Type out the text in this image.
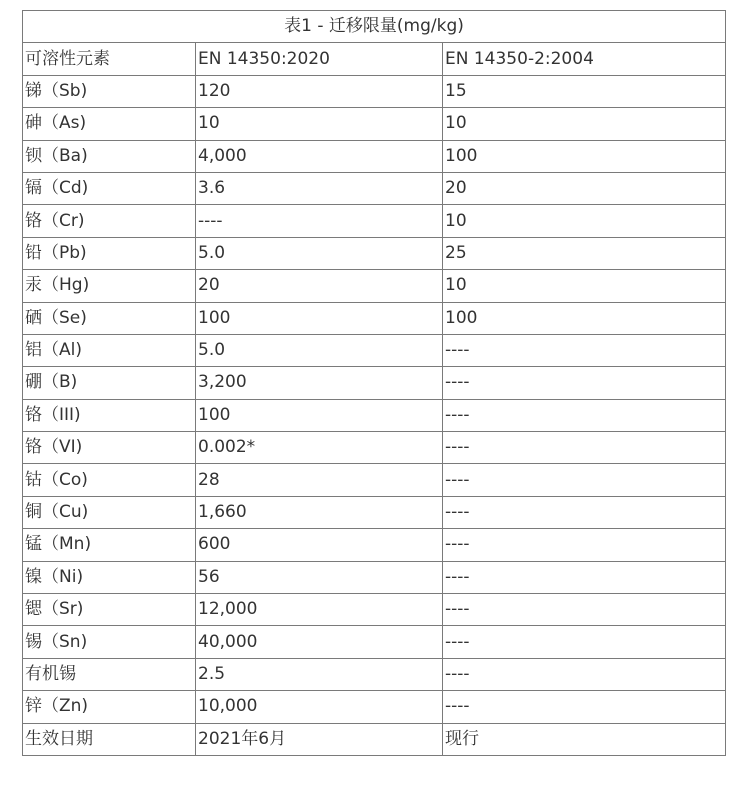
表1 - 迁移限量(mg/kg)		
可溶性元素	EN 14350:2020	EN 14350-2:2004
锑（Sb)	120	15
砷（As)	10	10
钡（Ba)	4,000	100
镉（Cd)	3.6	20
铬（Cr)	----	10
铅（Pb)	5.0	25
汞（Hg)	20	10
硒（Se)	100	100
铝（Al)	5.0	----
硼（B)	3,200	----
铬（III)	100	----
铬（VI)	0.002*	----
钴（Co)	28	----
铜（Cu)	1,660	----
锰（Mn)	600	----
镍（Ni)	56	----
锶（Sr)	12,000	----
锡（Sn)	40,000	----
有机锡	2.5	----
锌（Zn)	10,000	----
生效日期	2021年6月	现行
